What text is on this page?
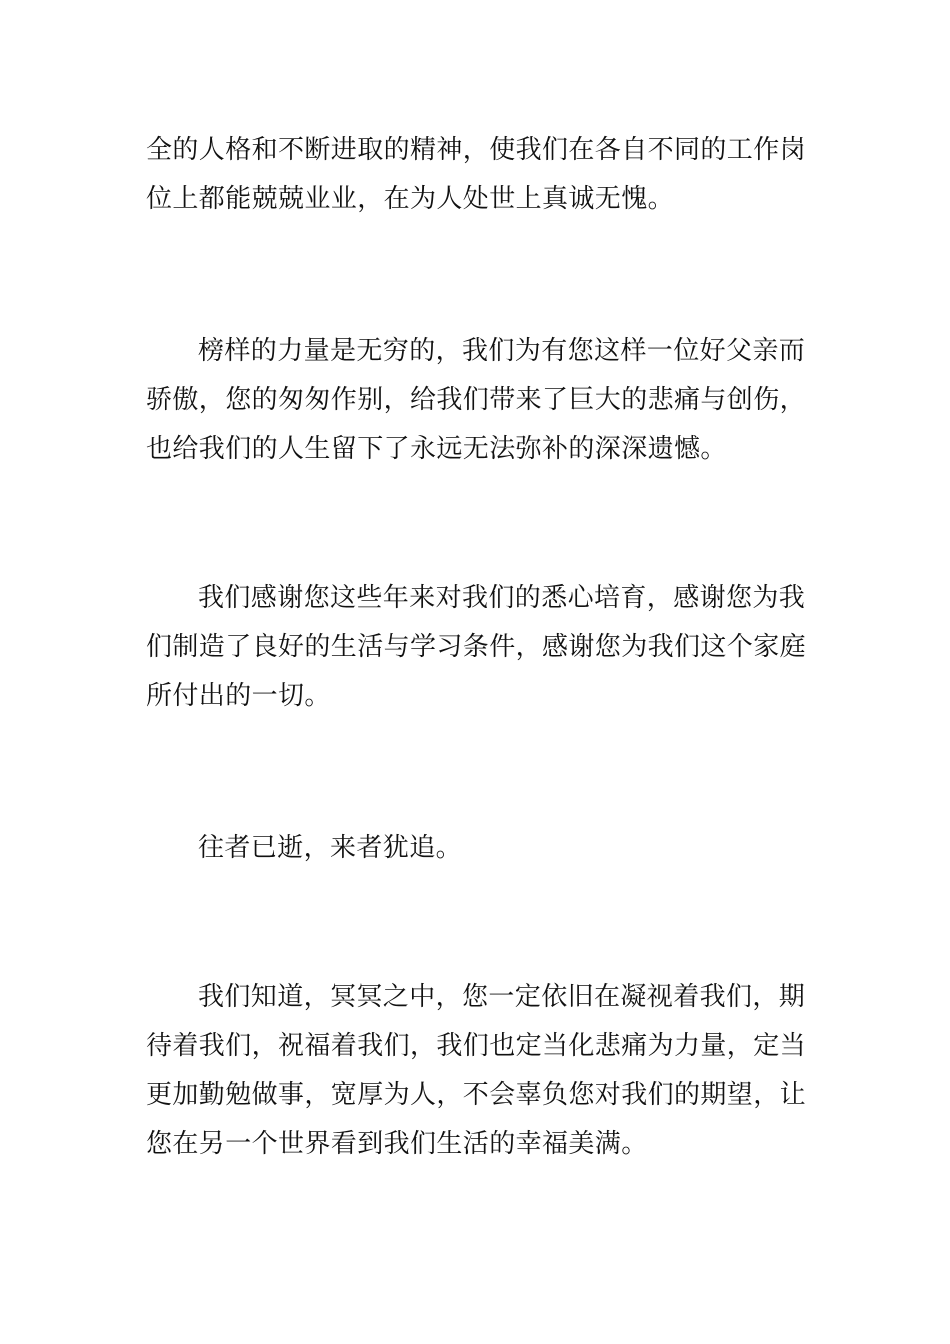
全的人格和不断进取的精神，使我们在各自不同的工作岗位上都能兢兢业业，在为人处世上真诚无愧。

榜样的力量是无穷的，我们为有您这样一位好父亲而骄傲，您的匆匆作别，给我们带来了巨大的悲痛与创伤，也给我们的人生留下了永远无法弥补的深深遗憾。

我们感谢您这些年来对我们的悉心培育，感谢您为我们制造了良好的生活与学习条件，感谢您为我们这个家庭所付出的一切。

往者已逝，来者犹追。

我们知道，冥冥之中，您一定依旧在凝视着我们，期待着我们，祝福着我们，我们也定当化悲痛为力量，定当更加勤勉做事，宽厚为人，不会辜负您对我们的期望，让您在另一个世界看到我们生活的幸福美满。
